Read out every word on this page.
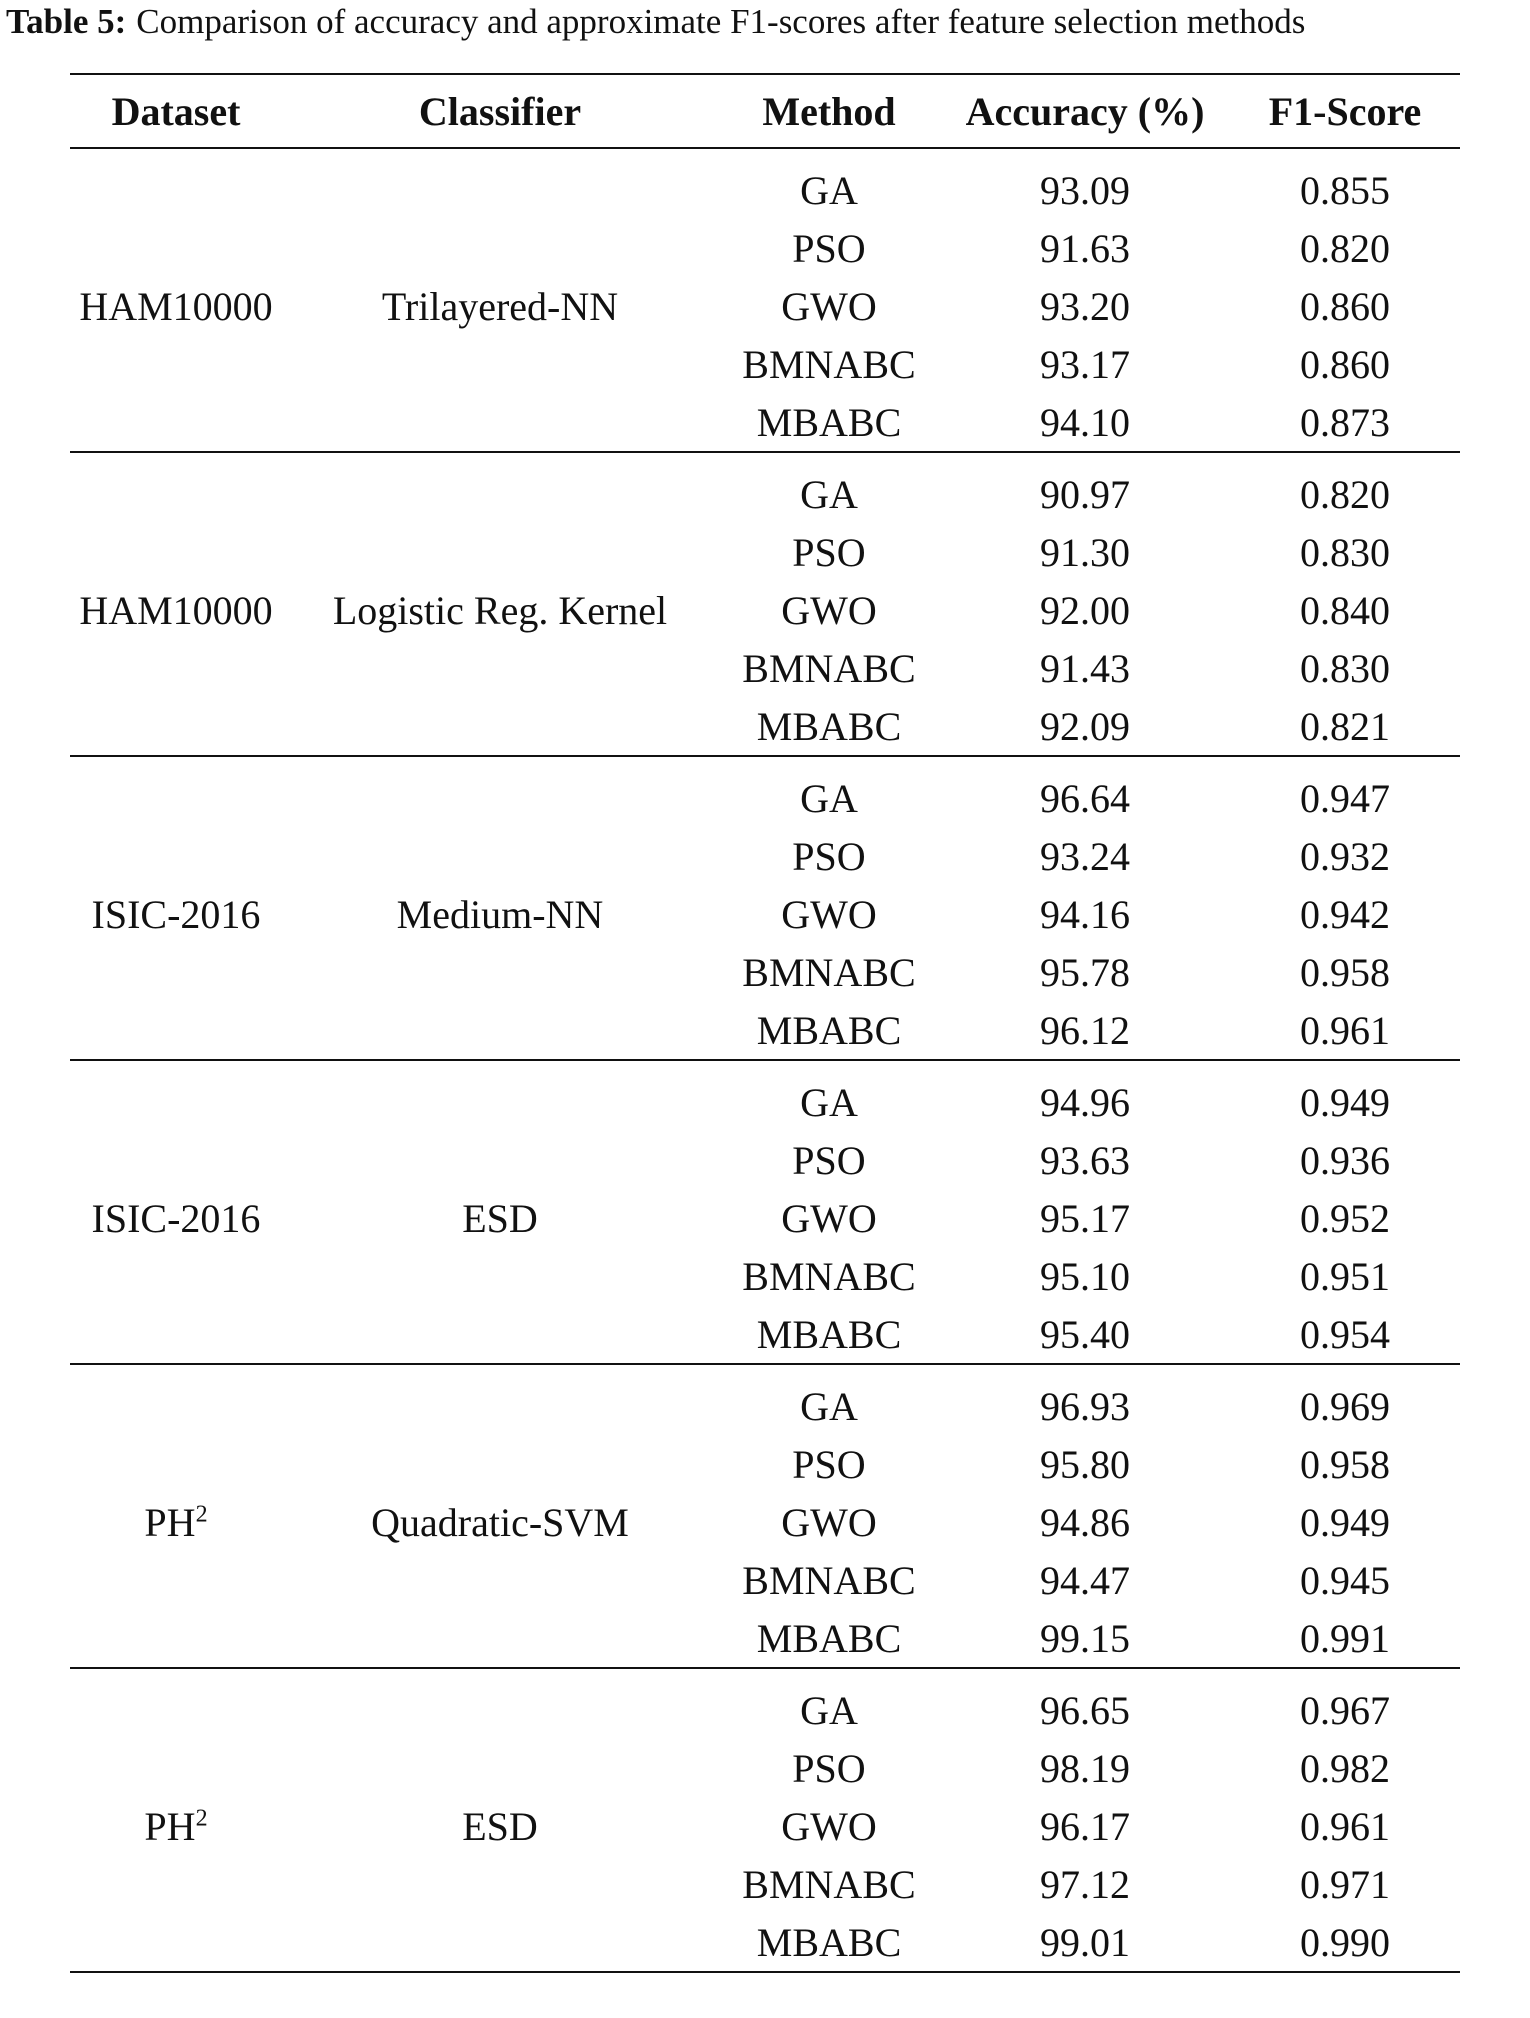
Table 5: Comparison of accuracy and approximate F1-scores after feature selection methods
Dataset	Classifier	Method	Accuracy (%)	F1-Score
HAM10000	Trilayered-NN	GA	93.09	0.855
		PSO	91.63	0.820
		GWO	93.20	0.860
		BMNABC	93.17	0.860
		MBABC	94.10	0.873
HAM10000	Logistic Reg. Kernel	GA	90.97	0.820
		PSO	91.30	0.830
		GWO	92.00	0.840
		BMNABC	91.43	0.830
		MBABC	92.09	0.821
ISIC-2016	Medium-NN	GA	96.64	0.947
		PSO	93.24	0.932
		GWO	94.16	0.942
		BMNABC	95.78	0.958
		MBABC	96.12	0.961
ISIC-2016	ESD	GA	94.96	0.949
		PSO	93.63	0.936
		GWO	95.17	0.952
		BMNABC	95.10	0.951
		MBABC	95.40	0.954
$PH^2$	Quadratic-SVM	GA	96.93	0.969
		PSO	95.80	0.958
		GWO	94.86	0.949
		BMNABC	94.47	0.945
		MBABC	99.15	0.991
$PH^2$	ESD	GA	96.65	0.967
		PSO	98.19	0.982
		GWO	96.17	0.961
		BMNABC	97.12	0.971
		MBABC	99.01	0.990
